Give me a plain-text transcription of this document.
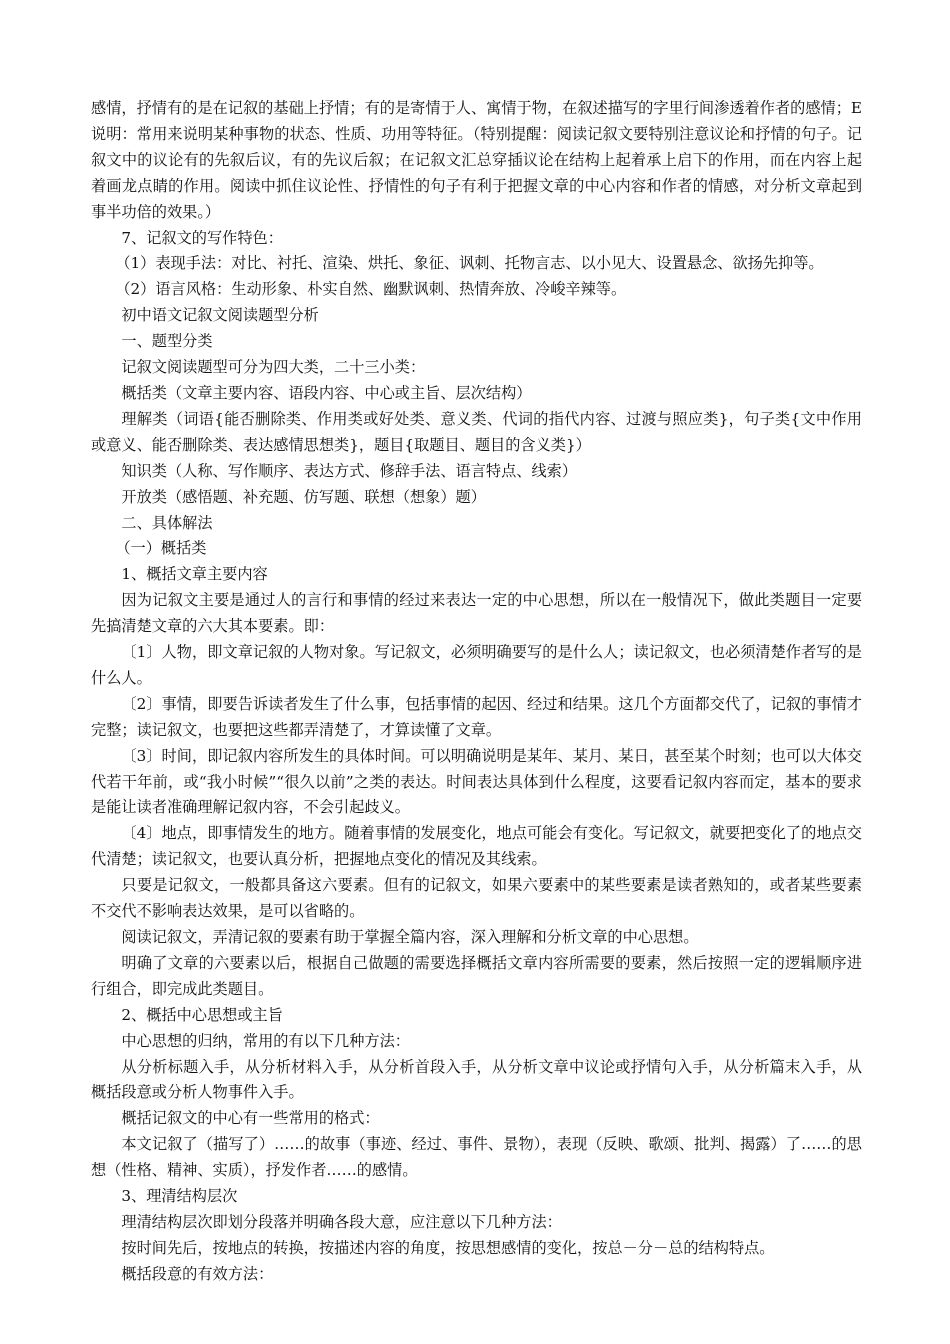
感情，抒情有的是在记叙的基础上抒情；有的是寄情于人、寓情于物，在叙述描写的字里行间渗透着作者的感情；E 说明：常用来说明某种事物的状态、性质、功用等特征。（特别提醒：阅读记叙文要特别注意议论和抒情的句子。记叙文中的议论有的先叙后议，有的先议后叙；在记叙文汇总穿插议论在结构上起着承上启下的作用，而在内容上起着画龙点睛的作用。阅读中抓住议论性、抒情性的句子有利于把握文章的中心内容和作者的情感，对分析文章起到事半功倍的效果。）

7、记叙文的写作特色：

（1）表现手法：对比、衬托、渲染、烘托、象征、讽刺、托物言志、以小见大、设置悬念、欲扬先抑等。

（2）语言风格：生动形象、朴实自然、幽默讽刺、热情奔放、冷峻辛辣等。

初中语文记叙文阅读题型分析

一、题型分类

记叙文阅读题型可分为四大类，二十三小类：

概括类（文章主要内容、语段内容、中心或主旨、层次结构）

理解类（词语{能否删除类、作用类或好处类、意义类、代词的指代内容、过渡与照应类}，句子类{文中作用或意义、能否删除类、表达感情思想类}，题目{取题目、题目的含义类}）

知识类（人称、写作顺序、表达方式、修辞手法、语言特点、线索）

开放类（感悟题、补充题、仿写题、联想（想象）题）

二、具体解法

（一）概括类

1、概括文章主要内容

因为记叙文主要是通过人的言行和事情的经过来表达一定的中心思想，所以在一般情况下，做此类题目一定要先搞清楚文章的六大其本要素。即：

〔1〕人物，即文章记叙的人物对象。写记叙文，必须明确要写的是什么人；读记叙文，也必须清楚作者写的是什么人。

〔2〕事情，即要告诉读者发生了什么事，包括事情的起因、经过和结果。这几个方面都交代了，记叙的事情才完整；读记叙文，也要把这些都弄清楚了，才算读懂了文章。

〔3〕时间，即记叙内容所发生的具体时间。可以明确说明是某年、某月、某日，甚至某个时刻；也可以大体交代若干年前，或“我小时候”“很久以前”之类的表达。时间表达具体到什么程度，这要看记叙内容而定，基本的要求是能让读者准确理解记叙内容，不会引起歧义。

〔4〕地点，即事情发生的地方。随着事情的发展变化，地点可能会有变化。写记叙文，就要把变化了的地点交代清楚；读记叙文，也要认真分析，把握地点变化的情况及其线索。

只要是记叙文，一般都具备这六要素。但有的记叙文，如果六要素中的某些要素是读者熟知的，或者某些要素不交代不影响表达效果，是可以省略的。

阅读记叙文，弄清记叙的要素有助于掌握全篇内容，深入理解和分析文章的中心思想。

明确了文章的六要素以后，根据自己做题的需要选择概括文章内容所需要的要素，然后按照一定的逻辑顺序进行组合，即完成此类题目。

2、概括中心思想或主旨

中心思想的归纳，常用的有以下几种方法：

从分析标题入手，从分析材料入手，从分析首段入手，从分析文章中议论或抒情句入手，从分析篇末入手，从概括段意或分析人物事件入手。

概括记叙文的中心有一些常用的格式：

本文记叙了（描写了）……的故事（事迹、经过、事件、景物），表现（反映、歌颂、批判、揭露）了……的思想（性格、精神、实质），抒发作者……的感情。

3、理清结构层次

理清结构层次即划分段落并明确各段大意，应注意以下几种方法：

按时间先后，按地点的转换，按描述内容的角度，按思想感情的变化，按总－分－总的结构特点。

概括段意的有效方法：
